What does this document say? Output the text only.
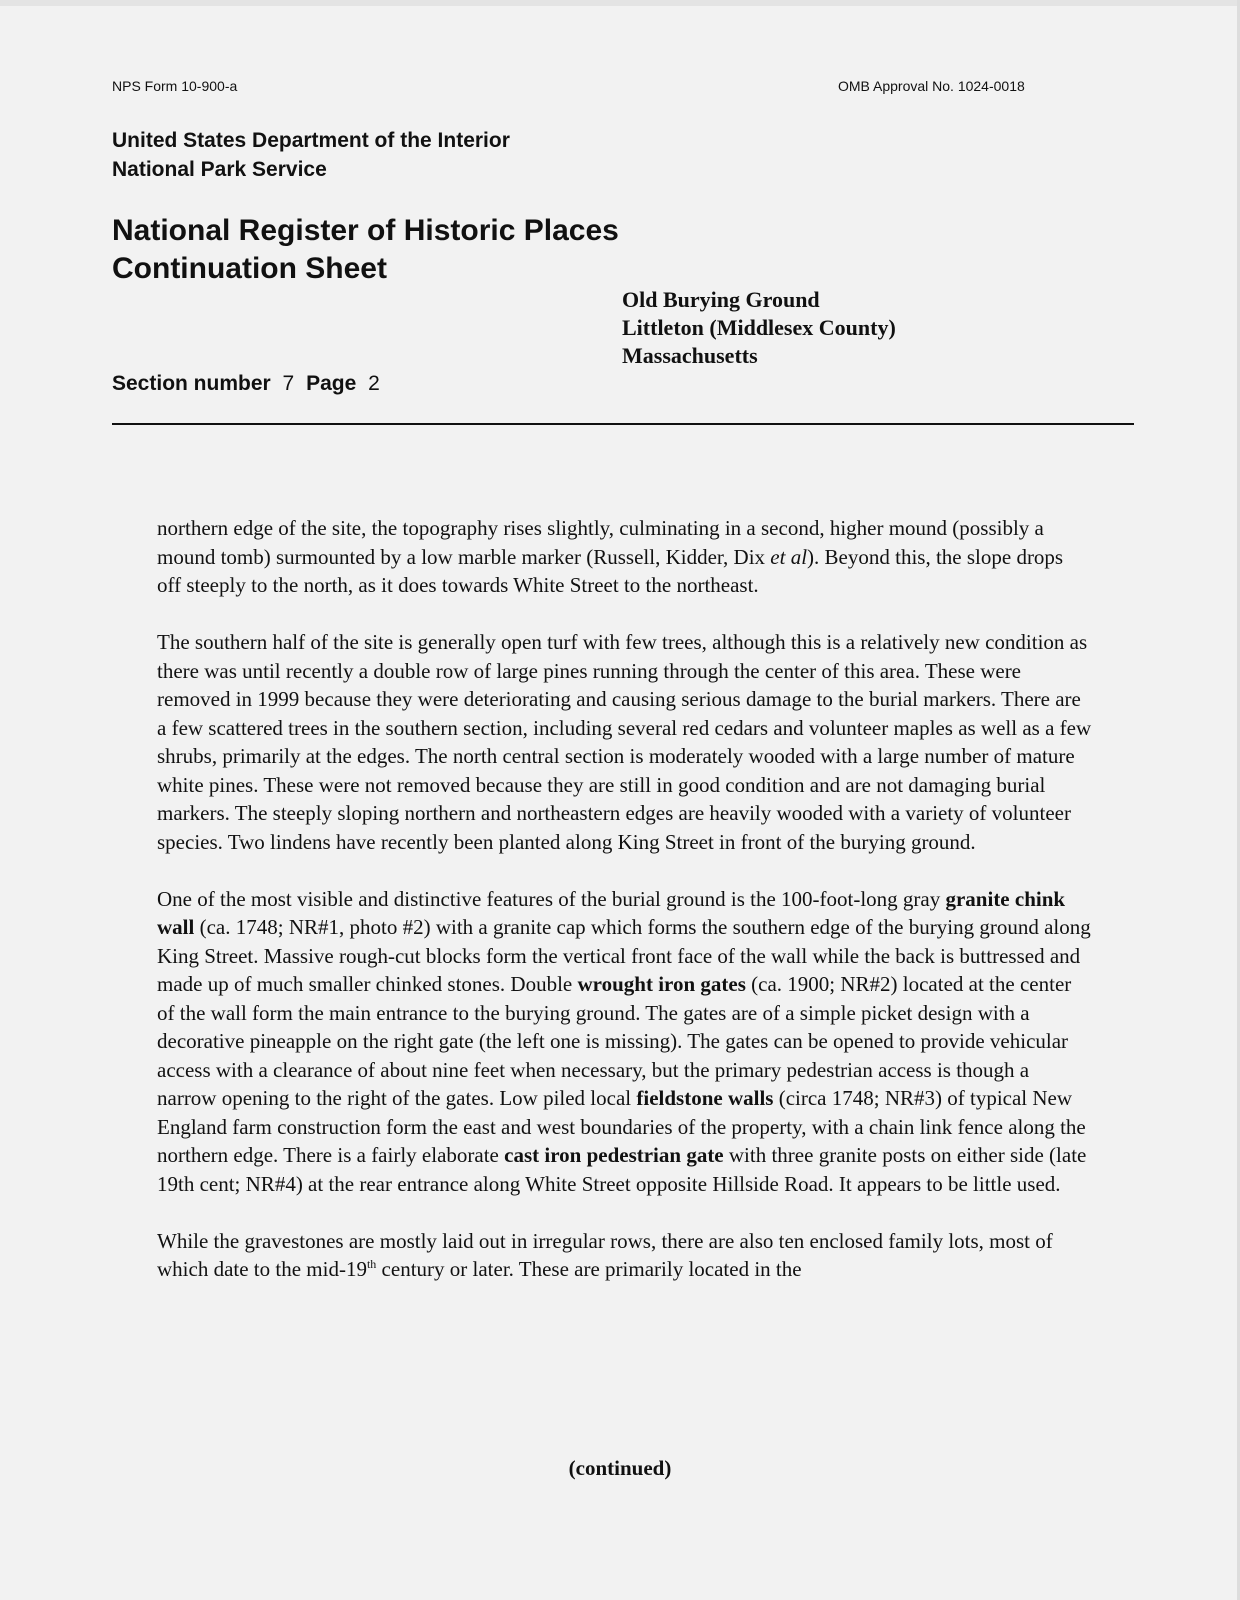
NPS Form 10-900-a	OMB Approval No. 1024-0018
United States Department of the Interior
National Park Service
National Register of Historic Places
Continuation Sheet
Old Burying Ground
Littleton (Middlesex County)
Massachusetts
Section number 7 Page 2

northern edge of the site, the topography rises slightly, culminating in a second, higher mound (possibly a mound tomb) surmounted by a low marble marker (Russell, Kidder, Dix et al). Beyond this, the slope drops off steeply to the north, as it does towards White Street to the northeast.

The southern half of the site is generally open turf with few trees, although this is a relatively new condition as there was until recently a double row of large pines running through the center of this area. These were removed in 1999 because they were deteriorating and causing serious damage to the burial markers. There are a few scattered trees in the southern section, including several red cedars and volunteer maples as well as a few shrubs, primarily at the edges. The north central section is moderately wooded with a large number of mature white pines. These were not removed because they are still in good condition and are not damaging burial markers. The steeply sloping northern and northeastern edges are heavily wooded with a variety of volunteer species. Two lindens have recently been planted along King Street in front of the burying ground.

One of the most visible and distinctive features of the burial ground is the 100-foot-long gray granite chink wall (ca. 1748; NR#1, photo #2) with a granite cap which forms the southern edge of the burying ground along King Street. Massive rough-cut blocks form the vertical front face of the wall while the back is buttressed and made up of much smaller chinked stones. Double wrought iron gates (ca. 1900; NR#2) located at the center of the wall form the main entrance to the burying ground. The gates are of a simple picket design with a decorative pineapple on the right gate (the left one is missing). The gates can be opened to provide vehicular access with a clearance of about nine feet when necessary, but the primary pedestrian access is though a narrow opening to the right of the gates. Low piled local fieldstone walls (circa 1748; NR#3) of typical New England farm construction form the east and west boundaries of the property, with a chain link fence along the northern edge. There is a fairly elaborate cast iron pedestrian gate with three granite posts on either side (late 19th cent; NR#4) at the rear entrance along White Street opposite Hillside Road. It appears to be little used.

While the gravestones are mostly laid out in irregular rows, there are also ten enclosed family lots, most of which date to the mid-19th century or later. These are primarily located in the

(continued)
